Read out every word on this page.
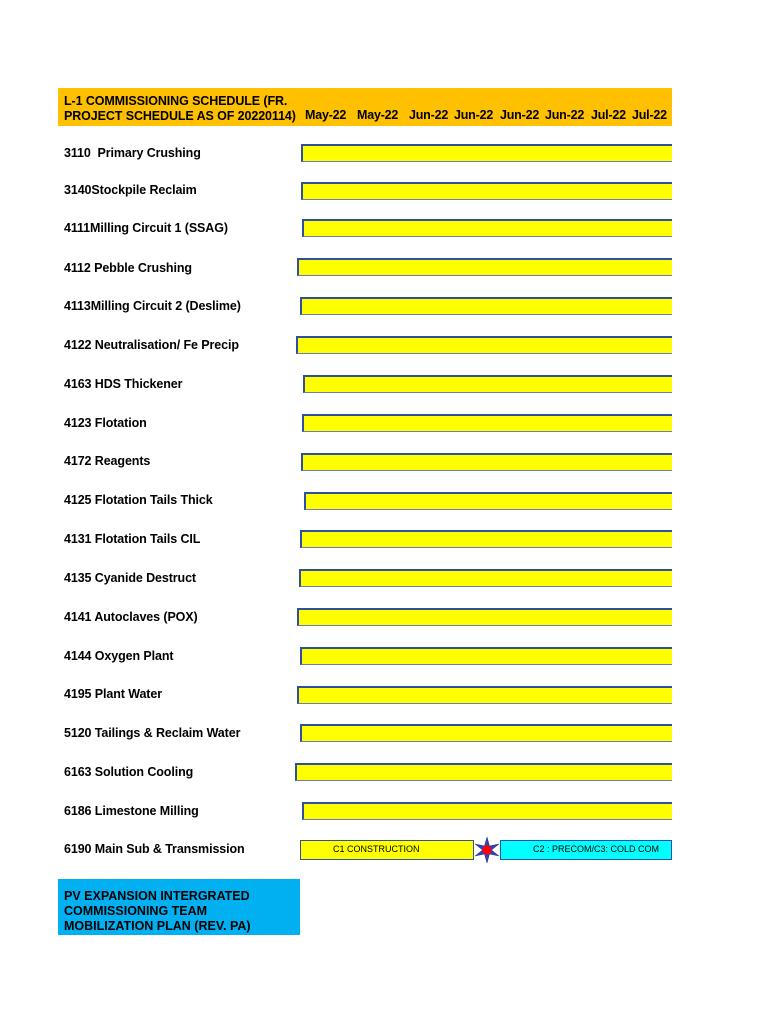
L-1 COMMISSIONING SCHEDULE (FR. PROJECT SCHEDULE AS OF 20220114) May-22 May-22 Jun-22 Jun-22 Jun-22 Jun-22 Jul-22 Jul-22
3110  Primary Crushing
3140Stockpile Reclaim
4111Milling Circuit 1 (SSAG)
4112 Pebble Crushing
4113Milling Circuit 2 (Deslime)
4122 Neutralisation/ Fe Precip
4163 HDS Thickener
4123 Flotation
4172 Reagents
4125 Flotation Tails Thick
4131 Flotation Tails CIL
4135 Cyanide Destruct
4141 Autoclaves (POX)
4144 Oxygen Plant
4195 Plant Water
5120 Tailings & Reclaim Water
6163 Solution Cooling
6186 Limestone Milling
6190 Main Sub & Transmission	C1 CONSTRUCTION	C2 : PRECOM/C3: COLD COM
PV EXPANSION INTERGRATED COMMISSIONING TEAM MOBILIZATION PLAN (REV. PA)
